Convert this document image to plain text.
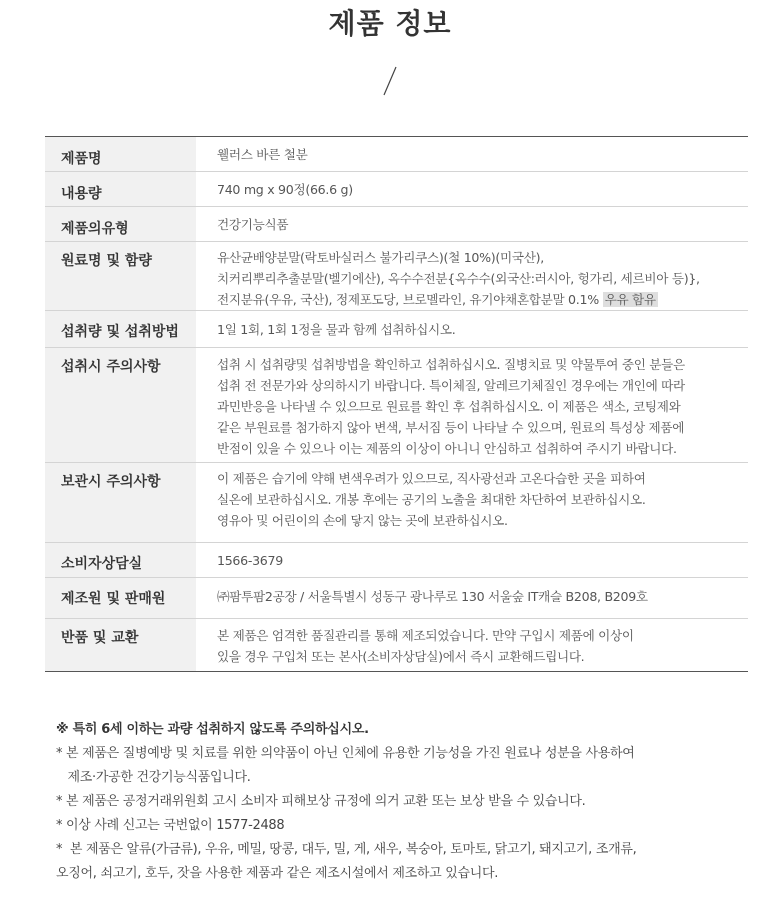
제품 정보
제품명	웰러스 바른 철분

내용량	740 mg x 90정(66.6 g)

제품의유형	건강기능식품

원료명 및 함량	유산균배양분말(락토바실러스 불가리쿠스)(철 10%)(미국산),
치커리뿌리추출분말(벨기에산), 옥수수전분{옥수수(외국산:러시아, 헝가리, 세르비아 등)},
전지분유(우유, 국산), 정제포도당, 브로멜라인, 유기야채혼합분말 0.1% 우유 함유
섭취량 및 섭취방법	1일 1회, 1회 1정을 물과 함께 섭취하십시오.

섭취시 주의사항	섭취 시 섭취량및 섭취방법을 확인하고 섭취하십시오. 질병치료 및 약물투여 중인 분들은
섭취 전 전문가와 상의하시기 바랍니다. 특이체질, 알레르기체질인 경우에는 개인에 따라
과민반응을 나타낼 수 있으므로 원료를 확인 후 섭취하십시오. 이 제품은 색소, 코팅제와
같은 부원료를 첨가하지 않아 변색, 부서짐 등이 나타날 수 있으며, 원료의 특성상 제품에
반점이 있을 수 있으나 이는 제품의 이상이 아니니 안심하고 섭취하여 주시기 바랍니다.

보관시 주의사항	이 제품은 습기에 약해 변색우려가 있으므로, 직사광선과 고온다습한 곳을 피하여
실온에 보관하십시오. 개봉 후에는 공기의 노출을 최대한 차단하여 보관하십시오.
영유아 및 어린이의 손에 닿지 않는 곳에 보관하십시오.

소비자상담실	1566-3679

제조원 및 판매원	㈜팜투팜2공장 / 서울특별시 성동구 광나루로 130 서울숲 IT캐슬 B208, B209호

반품 및 교환	본 제품은 엄격한 품질관리를 통해 제조되었습니다. 만약 구입시 제품에 이상이
있을 경우 구입처 또는 본사(소비자상담실)에서 즉시 교환해드립니다.
※ 특히 6세 이하는 과량 섭취하지 않도록 주의하십시오.
* 본 제품은 질병예방 및 치료를 위한 의약품이 아닌 인체에 유용한 기능성을 가진 원료나 성분을 사용하여
제조·가공한 건강기능식품입니다.
* 본 제품은 공정거래위원회 고시 소비자 피해보상 규정에 의거 교환 또는 보상 받을 수 있습니다.
* 이상 사례 신고는 국번없이 1577-2488
*  본 제품은 알류(가금류), 우유, 메밀, 땅콩, 대두, 밀, 게, 새우, 복숭아, 토마토, 닭고기, 돼지고기, 조개류,
오징어, 쇠고기, 호두, 잣을 사용한 제품과 같은 제조시설에서 제조하고 있습니다.
